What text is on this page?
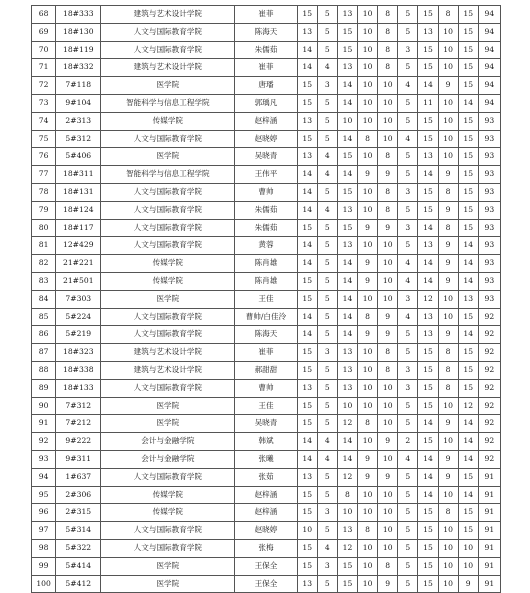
68	18#333	建筑与艺术设计学院	崔菲	15	5	13	10	8	5	15	8	15	94
69	18#130	人文与国际教育学院	陈海天	13	5	15	10	8	5	13	10	15	94
70	18#119	人文与国际教育学院	朱儒茹	14	5	15	10	8	3	15	10	15	94
71	18#332	建筑与艺术设计学院	崔菲	14	4	13	10	8	5	15	10	15	94
72	7#118	医学院	唐璠	15	3	14	10	10	4	14	9	15	94
73	9#104	智能科学与信息工程学院	郭瑀凡	15	5	14	10	10	5	11	10	14	94
74	2#313	传媒学院	赵梓涵	13	5	10	10	10	5	15	10	15	93
75	5#312	人文与国际教育学院	赵晓婷	15	5	14	8	10	4	15	10	15	93
76	5#406	医学院	吴晓青	13	4	15	10	8	5	13	10	15	93
77	18#311	智能科学与信息工程学院	王伟平	14	4	14	9	9	5	14	9	15	93
78	18#131	人文与国际教育学院	曹帅	14	5	15	10	8	3	15	8	15	93
79	18#124	人文与国际教育学院	朱儒茹	14	4	13	10	8	5	15	9	15	93
80	18#117	人文与国际教育学院	朱儒茹	15	5	15	9	9	3	14	8	15	93
81	12#429	人文与国际教育学院	黄蓉	14	5	13	10	10	5	13	9	14	93
82	21#221	传媒学院	陈肖雄	14	5	14	9	10	4	14	9	14	93
83	21#501	传媒学院	陈肖雄	15	5	14	9	10	4	14	9	14	93
84	7#303	医学院	王佳	15	5	14	10	10	3	12	10	13	93
85	5#224	人文与国际教育学院	曹帅/白佳泠	14	5	14	8	9	4	13	10	15	92
86	5#219	人文与国际教育学院	陈海天	14	5	14	9	9	5	13	9	14	92
87	18#323	建筑与艺术设计学院	崔菲	15	3	13	10	8	5	15	8	15	92
88	18#338	建筑与艺术设计学院	郝甜甜	15	5	13	10	8	3	15	8	15	92
89	18#133	人文与国际教育学院	曹帅	13	5	13	10	10	3	15	8	15	92
90	7#312	医学院	王佳	15	5	10	10	10	5	15	10	12	92
91	7#212	医学院	吴晓青	15	5	12	8	10	5	14	9	14	92
92	9#222	会计与金融学院	韩斌	14	4	14	10	9	2	15	10	14	92
93	9#311	会计与金融学院	张曦	14	4	14	9	10	4	14	9	14	92
94	1#637	人文与国际教育学院	张茹	13	5	12	9	9	5	14	9	15	91
95	2#306	传媒学院	赵梓涵	15	5	8	10	10	5	14	10	14	91
96	2#315	传媒学院	赵梓涵	15	3	10	10	10	5	15	8	15	91
97	5#314	人文与国际教育学院	赵晓婷	10	5	13	8	10	5	15	10	15	91
98	5#322	人文与国际教育学院	张梅	15	4	12	10	10	5	15	10	10	91
99	5#414	医学院	王保全	15	3	15	10	8	5	15	10	10	91
100	5#412	医学院	王保全	13	5	15	10	9	5	15	10	9	91
